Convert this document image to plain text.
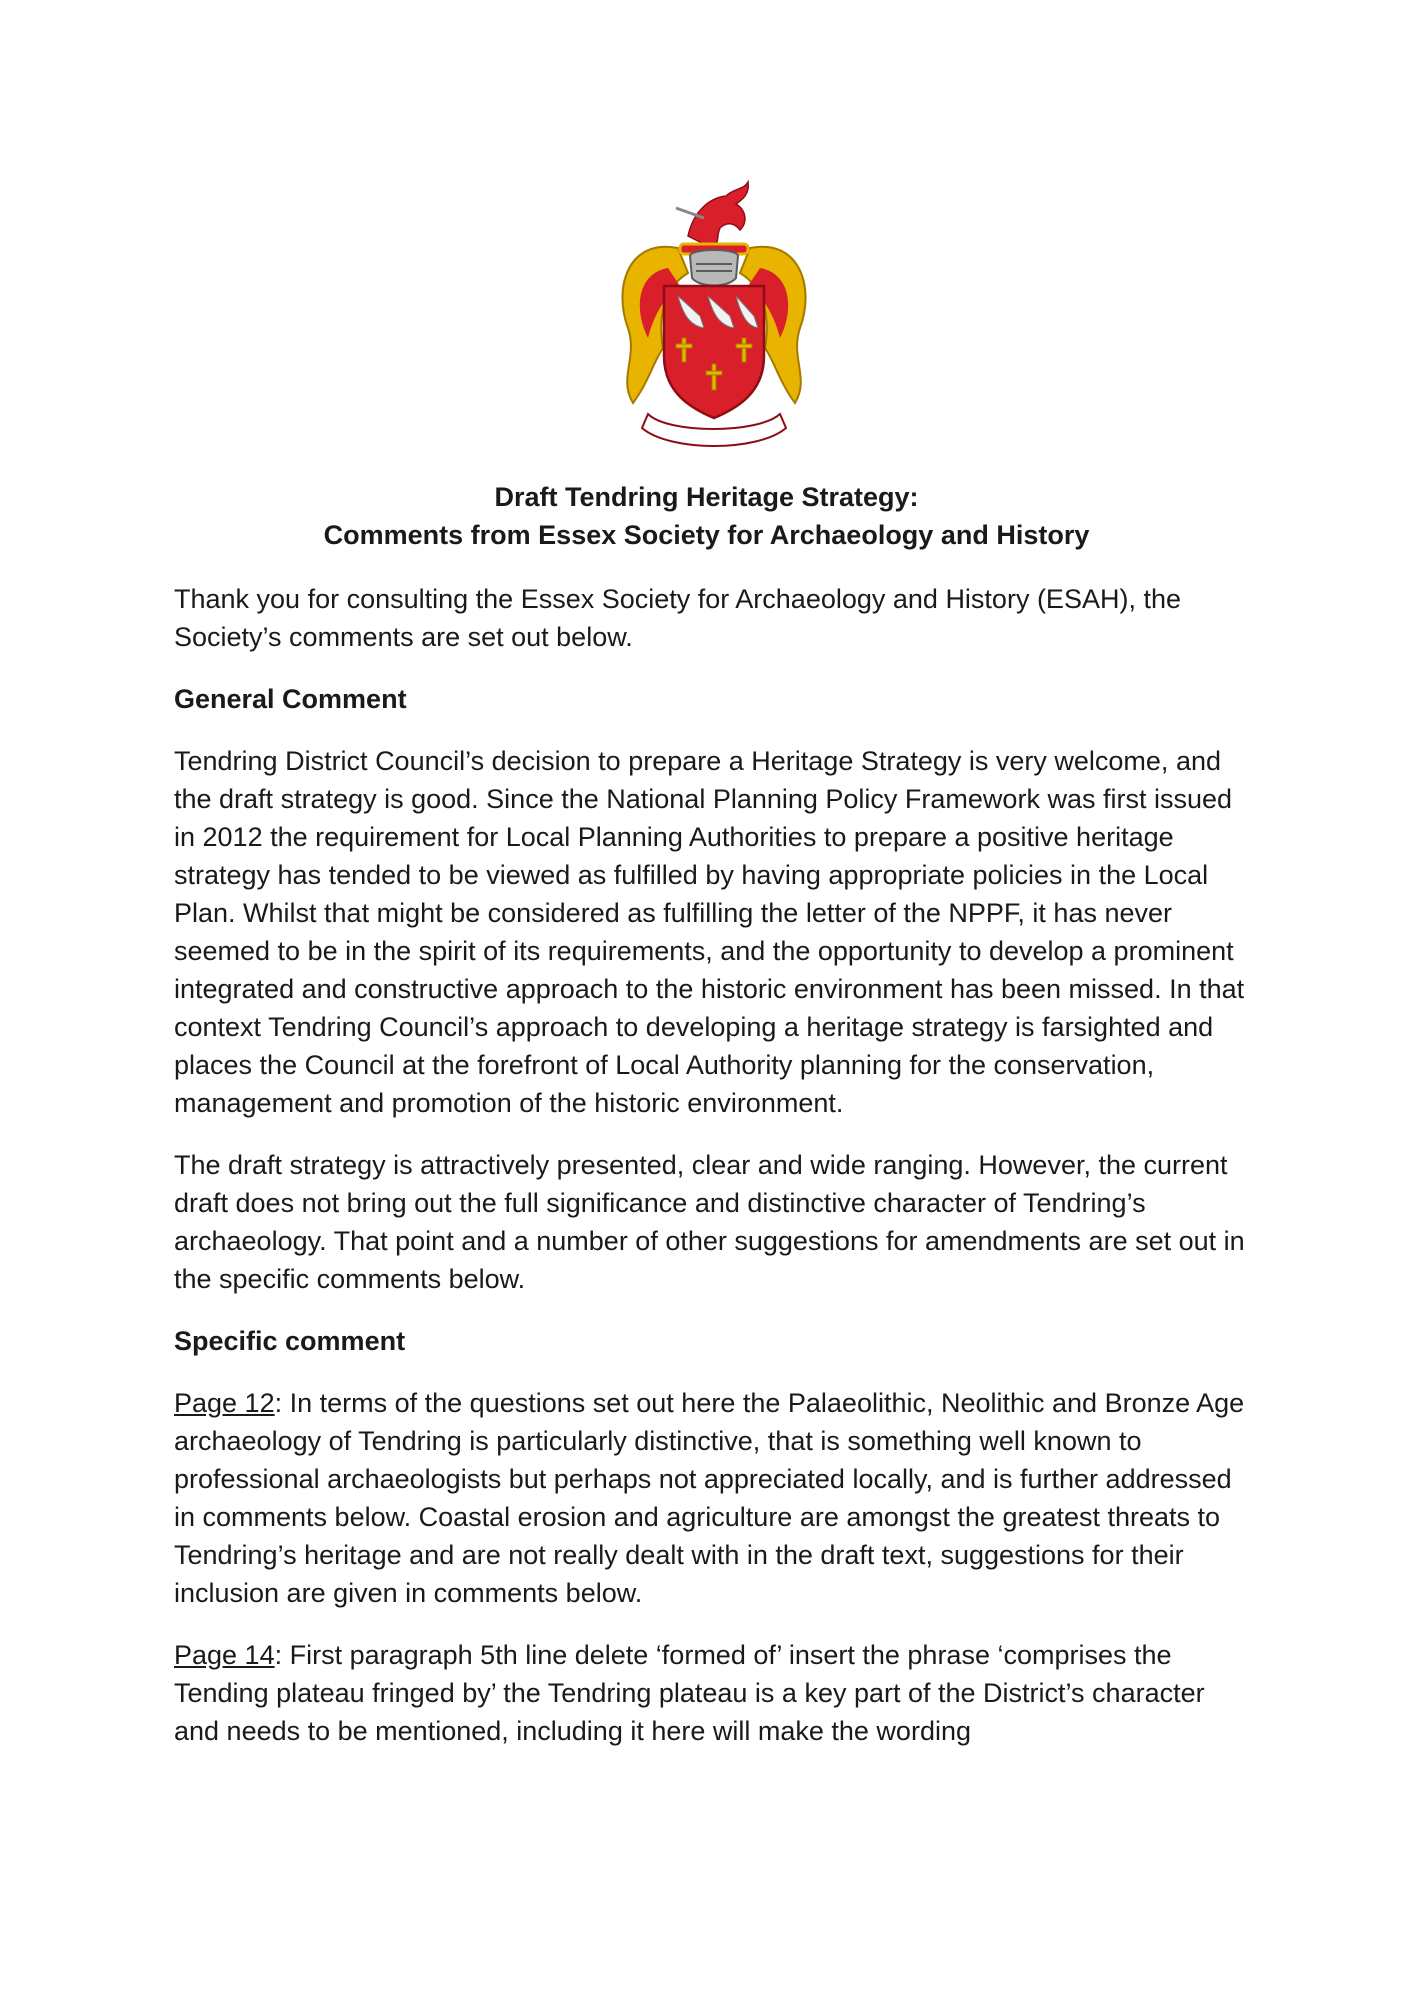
Draft Tendring Heritage Strategy:
Comments from Essex Society for Archaeology and History

Thank you for consulting the Essex Society for Archaeology and History (ESAH), the Society’s comments are set out below.

General Comment

Tendring District Council’s decision to prepare a Heritage Strategy is very welcome, and the draft strategy is good. Since the National Planning Policy Framework was first issued in 2012 the requirement for Local Planning Authorities to prepare a positive heritage strategy has tended to be viewed as fulfilled by having appropriate policies in the Local Plan. Whilst that might be considered as fulfilling the letter of the NPPF, it has never seemed to be in the spirit of its requirements, and the opportunity to develop a prominent integrated and constructive approach to the historic environment has been missed. In that context Tendring Council’s approach to developing a heritage strategy is farsighted and places the Council at the forefront of Local Authority planning for the conservation, management and promotion of the historic environment.

The draft strategy is attractively presented, clear and wide ranging. However, the current draft does not bring out the full significance and distinctive character of Tendring’s archaeology. That point and a number of other suggestions for amendments are set out in the specific comments below.

Specific comment

Page 12: In terms of the questions set out here the Palaeolithic, Neolithic and Bronze Age archaeology of Tendring is particularly distinctive, that is something well known to professional archaeologists but perhaps not appreciated locally, and is further addressed in comments below. Coastal erosion and agriculture are amongst the greatest threats to Tendring’s heritage and are not really dealt with in the draft text, suggestions for their inclusion are given in comments below.

Page 14: First paragraph 5th line delete ‘formed of’ insert the phrase ‘comprises the Tending plateau fringed by’ the Tendring plateau is a key part of the District’s character and needs to be mentioned, including it here will make the wording
